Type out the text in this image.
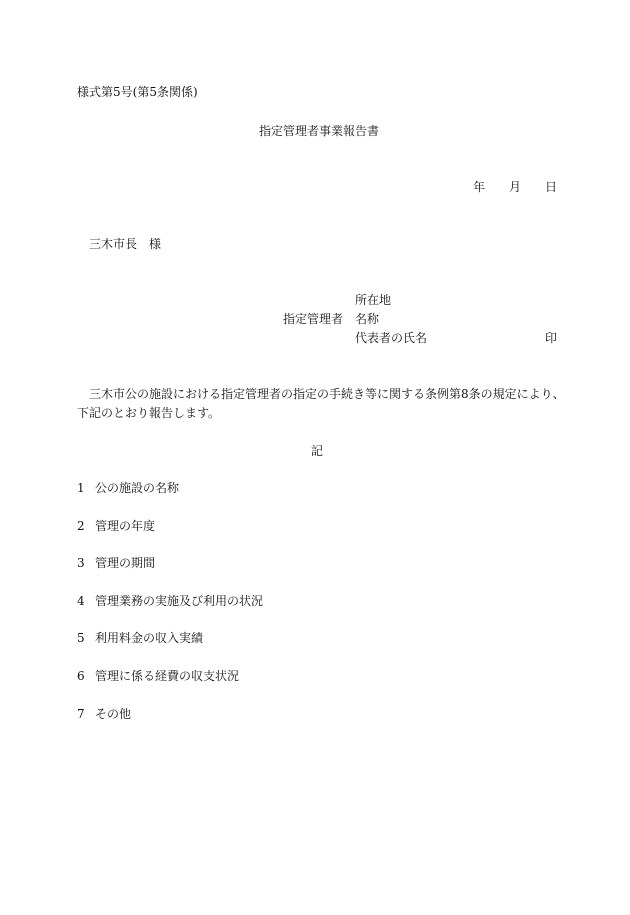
様式第5号(第5条関係)
指定管理者事業報告書
年 月 日
三木市長　様
所在地
指定管理者 名称
代表者の氏名	印
三木市公の施設における指定管理者の指定の手続き等に関する条例第8条の規定により、
下記のとおり報告します。
記
1 公の施設の名称
2 管理の年度
3 管理の期間
4 管理業務の実施及び利用の状況
5 利用料金の収入実績
6 管理に係る経費の収支状況
7 その他
